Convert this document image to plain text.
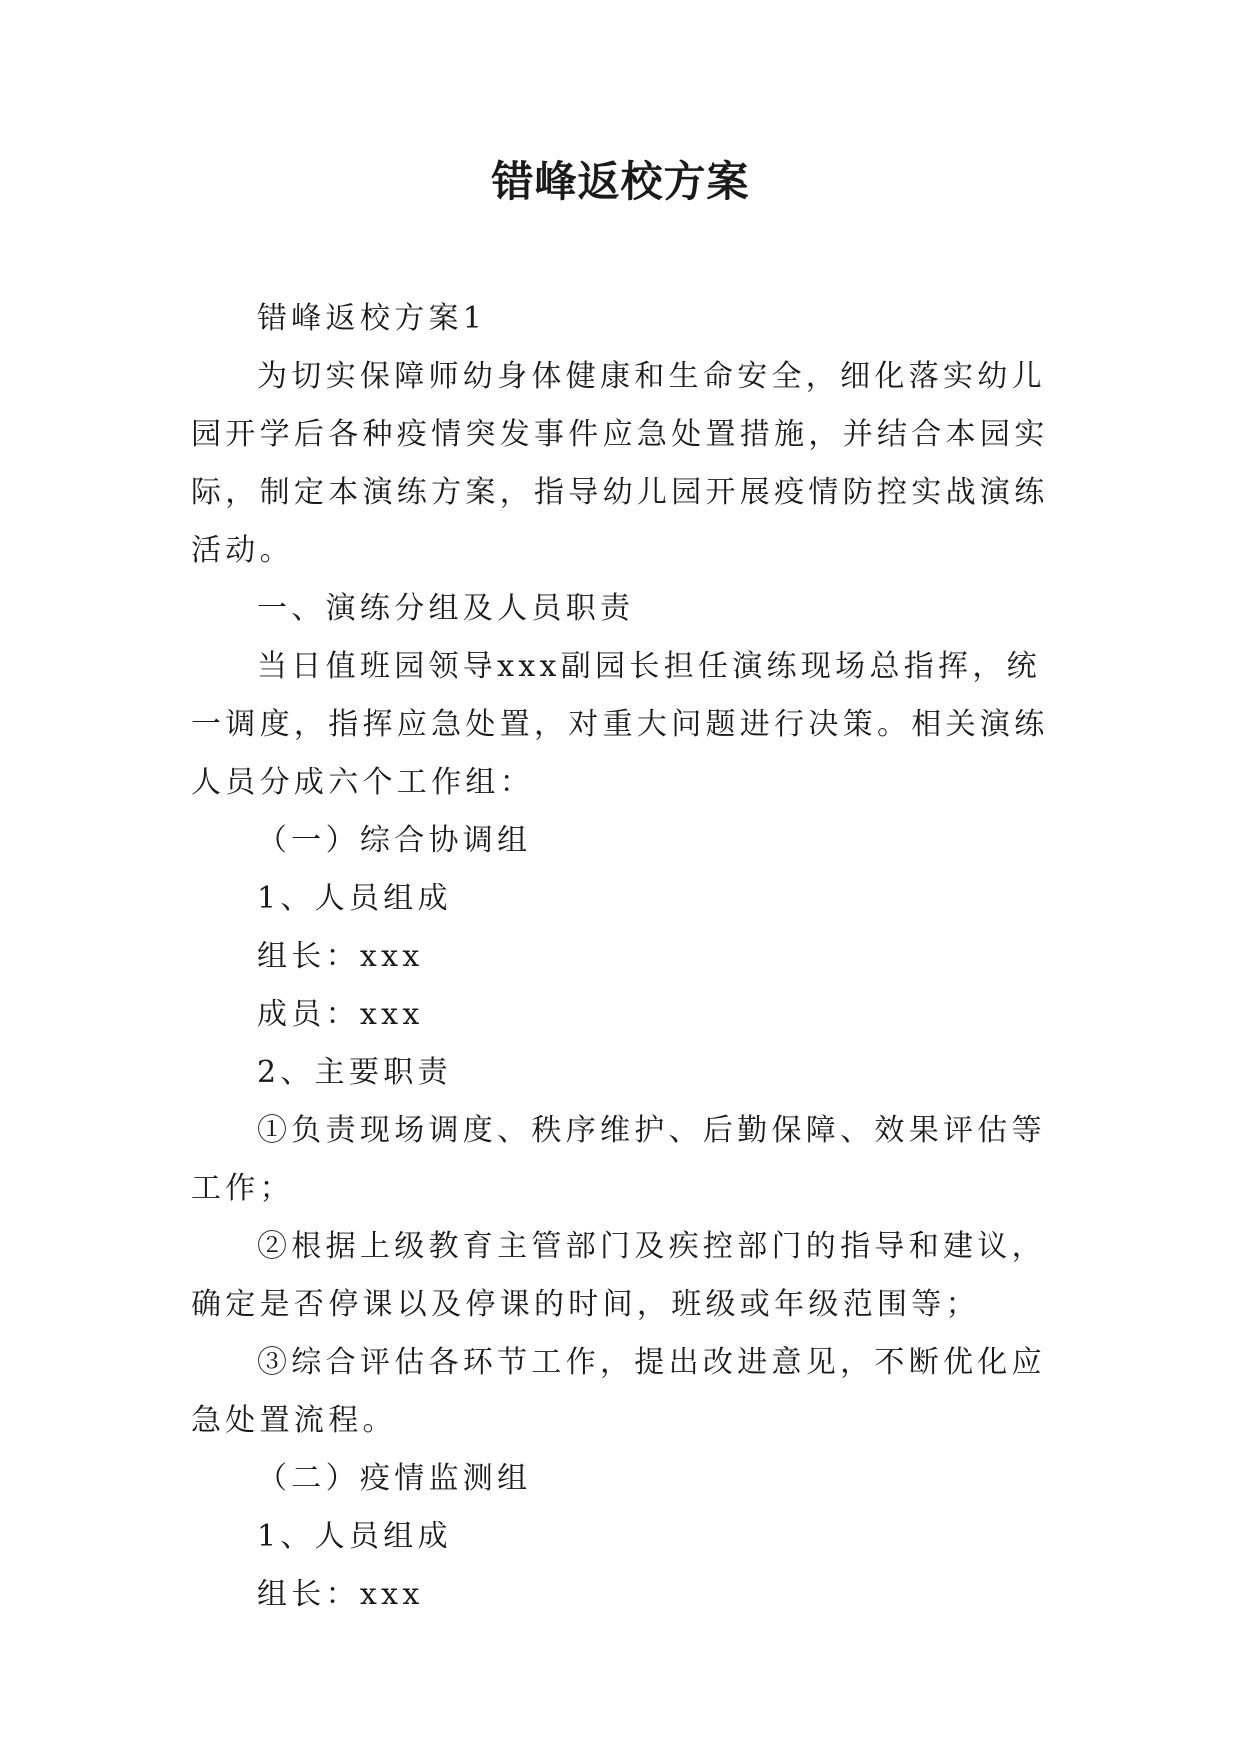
错峰返校方案

错峰返校方案1

为切实保障师幼身体健康和生命安全，细化落实幼儿园开学后各种疫情突发事件应急处置措施，并结合本园实际，制定本演练方案，指导幼儿园开展疫情防控实战演练活动。

一、演练分组及人员职责

当日值班园领导xxx副园长担任演练现场总指挥，统一调度，指挥应急处置，对重大问题进行决策。相关演练人员分成六个工作组：

（一）综合协调组

1、人员组成

组长：xxx

成员：xxx

2、主要职责

①负责现场调度、秩序维护、后勤保障、效果评估等工作；

②根据上级教育主管部门及疾控部门的指导和建议，确定是否停课以及停课的时间，班级或年级范围等；

③综合评估各环节工作，提出改进意见，不断优化应急处置流程。

（二）疫情监测组

1、人员组成

组长：xxx
